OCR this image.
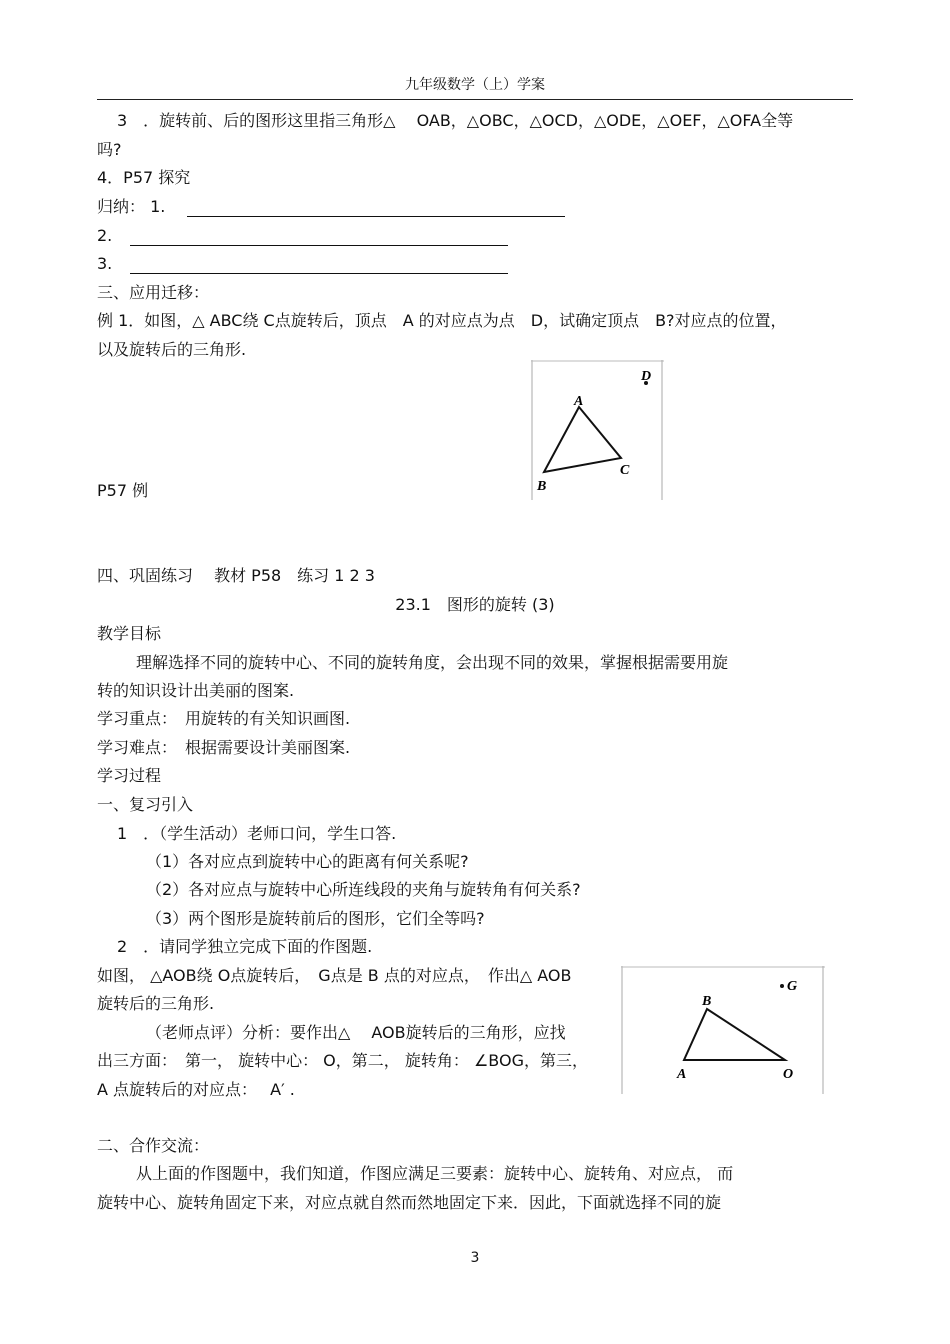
九年级数学（上）学案
3　．旋转前、后的图形这里指三角形△　 OAB，△OBC，△OCD，△ODE，△OEF，△OFA全等
吗?
4．P57 探究
归纳： 1.
2.
3.
三、应用迁移：
例 1．如图，△ ABC绕 C点旋转后，顶点　A 的对应点为点　D，试确定顶点　B?对应点的位置，
以及旋转后的三角形.
A
B
C
D
P57 例
四、巩固练习　 教材 P58　练习 1 2 3
23.1　图形的旋转 (3)
教学目标
理解选择不同的旋转中心、不同的旋转角度，会出现不同的效果，掌握根据需要用旋
转的知识设计出美丽的图案.
学习重点：　用旋转的有关知识画图.
学习难点：　根据需要设计美丽图案.
学习过程
一、复习引入
1　．（学生活动）老师口问，学生口答.
（1）各对应点到旋转中心的距离有何关系呢?
（2）各对应点与旋转中心所连线段的夹角与旋转角有何关系?
（3）两个图形是旋转前后的图形，它们全等吗?
2　．请同学独立完成下面的作图题.
如图， △AOB绕 O点旋转后，　G点是 B 点的对应点，　作出△ AOB
旋转后的三角形.
（老师点评）分析：要作出△　 AOB旋转后的三角形，应找
出三方面：　第一， 旋转中心： O，第二， 旋转角： ∠BOG，第三，
A 点旋转后的对应点：　 A′ .
B
A	O
G
二、合作交流：
从上面的作图题中，我们知道，作图应满足三要素：旋转中心、旋转角、对应点， 而
旋转中心、旋转角固定下来，对应点就自然而然地固定下来．因此，下面就选择不同的旋
3
